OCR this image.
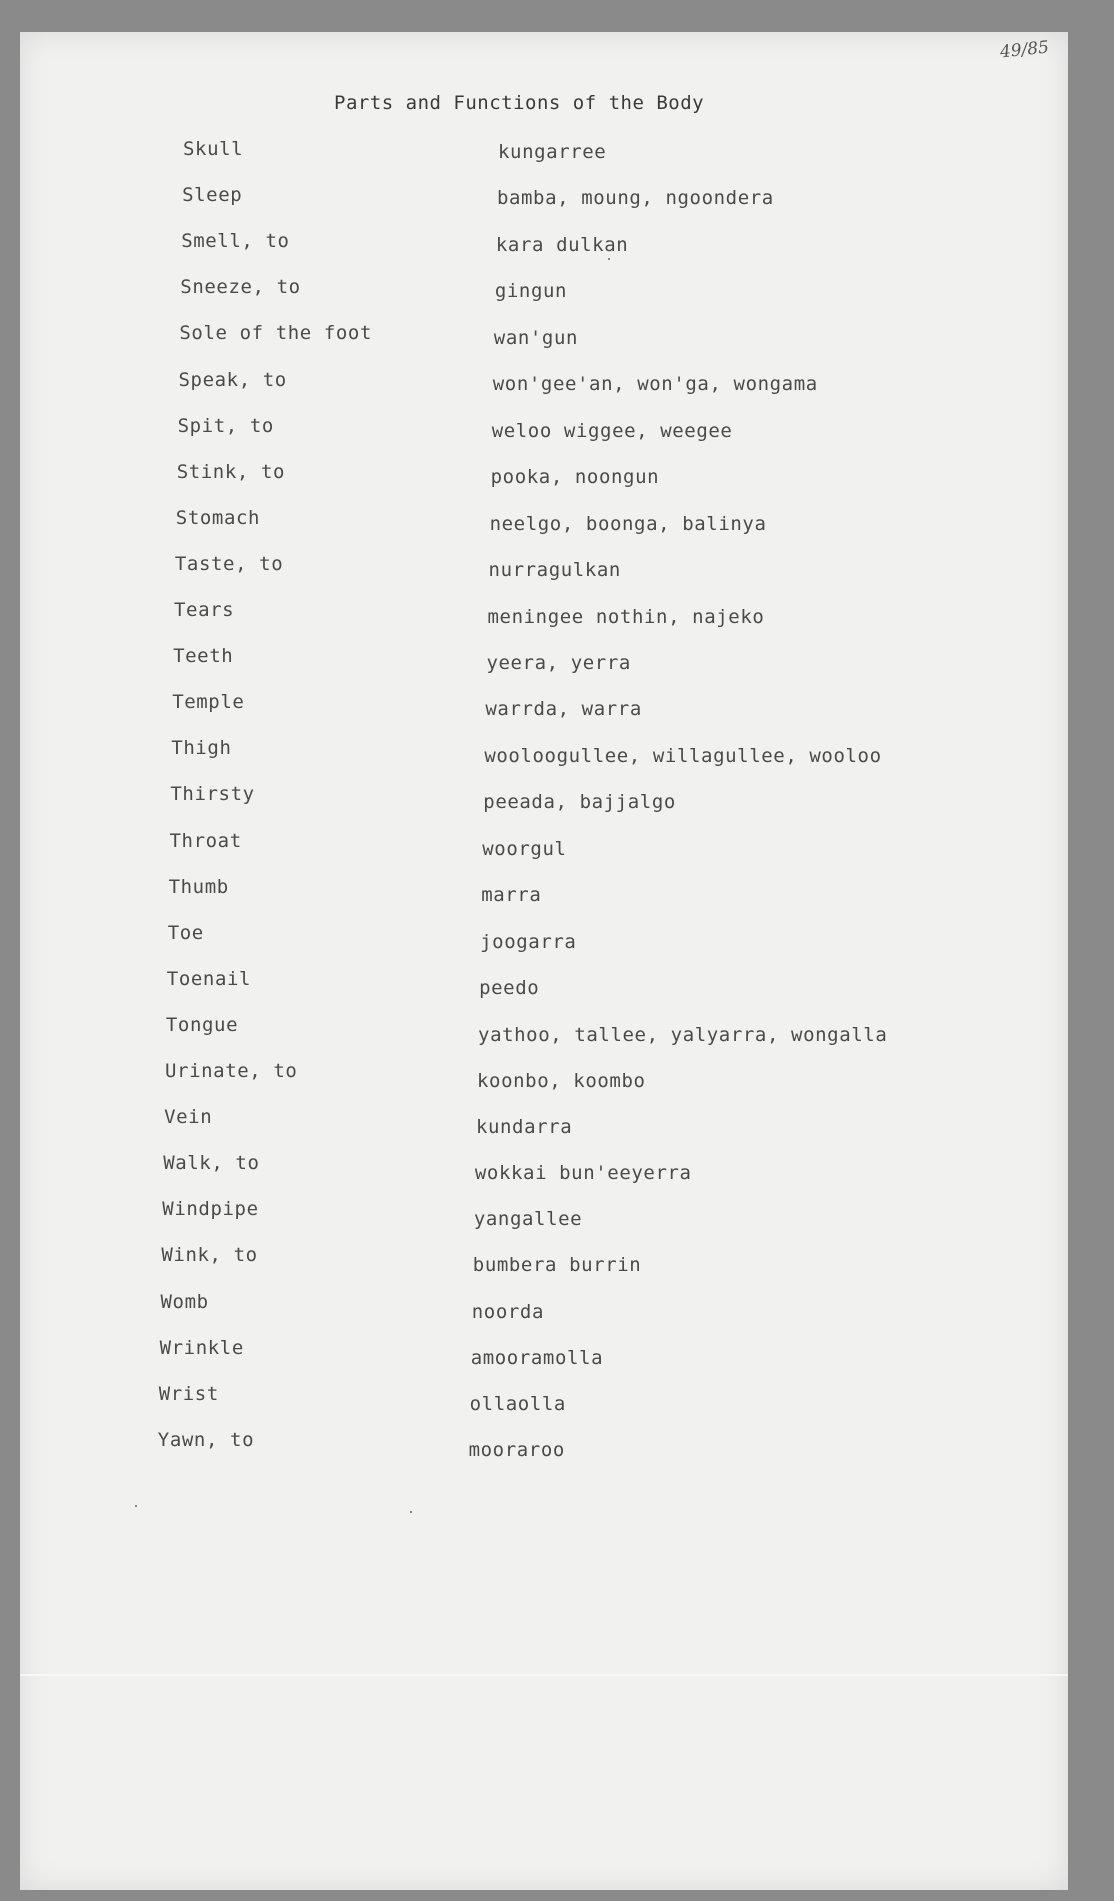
49/85
Parts and Functions of the Body
Skull	kungarree
Sleep	bamba, moung, ngoondera
Smell, to	kara dulkan
Sneeze, to	gingun
Sole of the foot	wan'gun
Speak, to	won'gee'an, won'ga, wongama
Spit, to	weloo wiggee, weegee
Stink, to	pooka, noongun
Stomach	neelgo, boonga, balinya
Taste, to	nurragulkan
Tears	meningee nothin, najeko
Teeth	yeera, yerra
Temple	warrda, warra
Thigh	wooloogullee, willagullee, wooloo
Thirsty	peeada, bajjalgo
Throat	woorgul
Thumb	marra
Toe	joogarra
Toenail	peedo
Tongue	yathoo, tallee, yalyarra, wongalla
Urinate, to	koonbo, koombo
Vein	kundarra
Walk, to	wokkai bun'eeyerra
Windpipe	yangallee
Wink, to	bumbera burrin
Womb	noorda
Wrinkle	amooramolla
Wrist	ollaolla
Yawn, to	mooraroo
